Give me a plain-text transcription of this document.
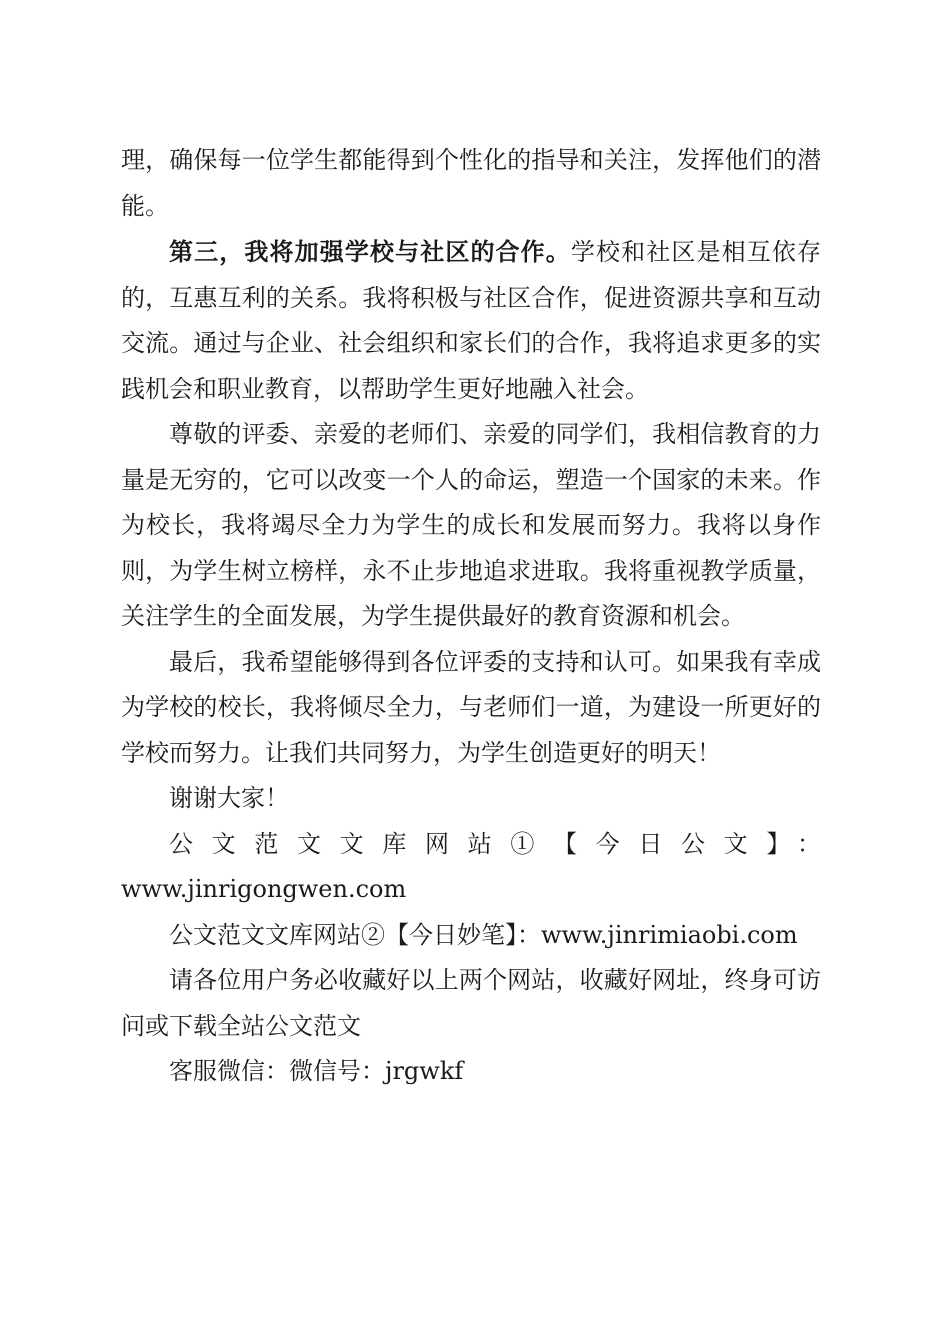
理，确保每一位学生都能得到个性化的指导和关注，发挥他们的潜能。

第三，我将加强学校与社区的合作。学校和社区是相互依存的，互惠互利的关系。我将积极与社区合作，促进资源共享和互动交流。通过与企业、社会组织和家长们的合作，我将追求更多的实践机会和职业教育，以帮助学生更好地融入社会。

尊敬的评委、亲爱的老师们、亲爱的同学们，我相信教育的力量是无穷的，它可以改变一个人的命运，塑造一个国家的未来。作为校长，我将竭尽全力为学生的成长和发展而努力。我将以身作则，为学生树立榜样，永不止步地追求进取。我将重视教学质量，关注学生的全面发展，为学生提供最好的教育资源和机会。

最后，我希望能够得到各位评委的支持和认可。如果我有幸成为学校的校长，我将倾尽全力，与老师们一道，为建设一所更好的学校而努力。让我们共同努力，为学生创造更好的明天！

谢谢大家！

公文范文文库网站①【今日公文】：

www.jinrigongwen.com

公文范文文库网站②【今日妙笔】：www.jinrimiaobi.com

请各位用户务必收藏好以上两个网站，收藏好网址，终身可访问或下载全站公文范文

客服微信：微信号：jrgwkf
